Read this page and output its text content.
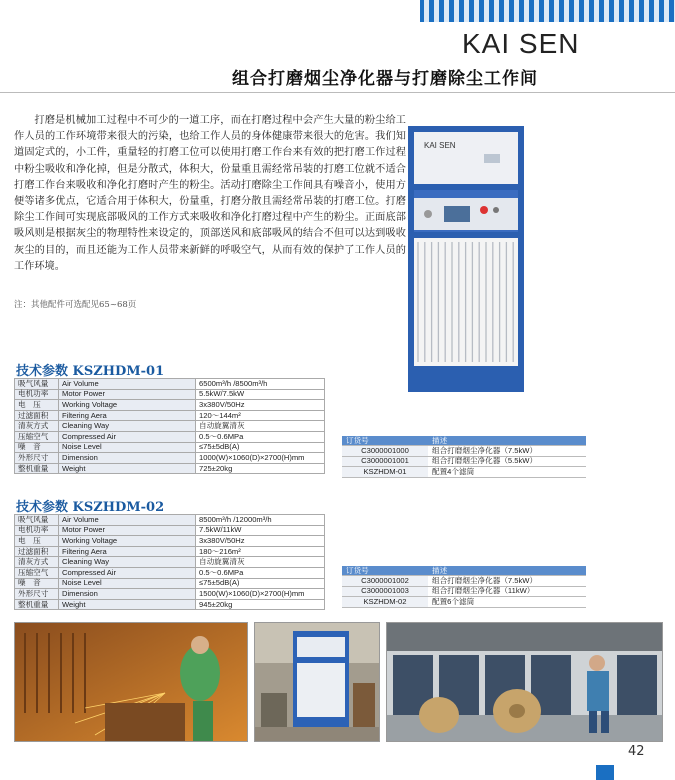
KAI SEN
组合打磨烟尘净化器与打磨除尘工作间
打磨是机械加工过程中不可少的一道工序，而在打磨过程中会产生大量的粉尘给工作人员的工作环境带来很大的污染，也给工作人员的身体健康带来很大的危害。我们知道固定式的，小工件，重量轻的打磨工位可以使用打磨工作台来有效的把打磨工作过程中粉尘吸收和净化掉，但是分散式，体积大，份量重且需经常吊装的打磨工位就不适合打磨工作台来吸收和净化打磨时产生的粉尘。活动打磨除尘工作间具有噪音小，使用方便等诸多优点，它适合用于体积大，份量重，打磨分散且需经常吊装的打磨工位。打磨除尘工作间可实现底部吸风的工作方式来吸收和净化打磨过程中产生的粉尘。正面底部吸风则是根据灰尘的物理特性来设定的，顶部送风和底部吸风的结合不但可以达到吸收灰尘的目的，而且还能为工作人员带来新鲜的呼吸空气，从而有效的保护了工作人员的工作环境。
注：其他配件可选配见65~68页
KAI SEN
技术参数 KSZHDM-01
吸气风量	Air Volume	6500m³/h /8500m³/h
电机功率	Motor Power	5.5kW/7.5kW
电　压	Working Voltage	3x380V/50Hz
过滤面积	Filtering Aera	120～144m²
清灰方式	Cleaning Way	自动旋翼清灰
压缩空气	Compressed Air	0.5～0.6MPa
噪　音	Noise Level	≤75±5dB(A)
外形尺寸	Dimension	1000(W)×1060(D)×2700(H)mm
整机重量	Weight	725±20kg
订货号	描述
C3000001000	组合打磨烟尘净化器（7.5kW）
C3000001001	组合打磨烟尘净化器（5.5kW）
KSZHDM-01	配置4个滤筒
技术参数 KSZHDM-02
吸气风量	Air Volume	8500m³/h /12000m³/h
电机功率	Motor Power	7.5kW/11kW
电　压	Working Voltage	3x380V/50Hz
过滤面积	Filtering Aera	180～216m²
清灰方式	Cleaning Way	自动旋翼清灰
压缩空气	Compressed Air	0.5～0.6MPa
噪　音	Noise Level	≤75±5dB(A)
外形尺寸	Dimension	1500(W)×1060(D)×2700(H)mm
整机重量	Weight	945±20kg
订货号	描述
C3000001002	组合打磨烟尘净化器（7.5kW）
C3000001003	组合打磨烟尘净化器（11kW）
KSZHDM-02	配置6个滤筒
42
